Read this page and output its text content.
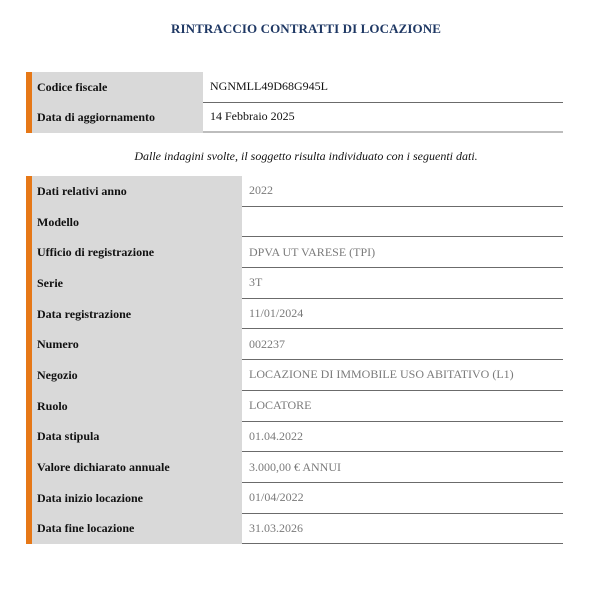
RINTRACCIO CONTRATTI DI LOCAZIONE
Codice fiscale	NGNMLL49D68G945L
Data di aggiornamento	14 Febbraio 2025
Dalle indagini svolte, il soggetto risulta individuato con i seguenti dati.
Dati relativi anno	2022
Modello
Ufficio di registrazione	DPVA UT VARESE (TPI)
Serie	3T
Data registrazione	11/01/2024
Numero	002237
Negozio	LOCAZIONE DI IMMOBILE USO ABITATIVO (L1)
Ruolo	LOCATORE
Data stipula	01.04.2022
Valore dichiarato annuale	3.000,00 € ANNUI
Data inizio locazione	01/04/2022
Data fine locazione	31.03.2026
